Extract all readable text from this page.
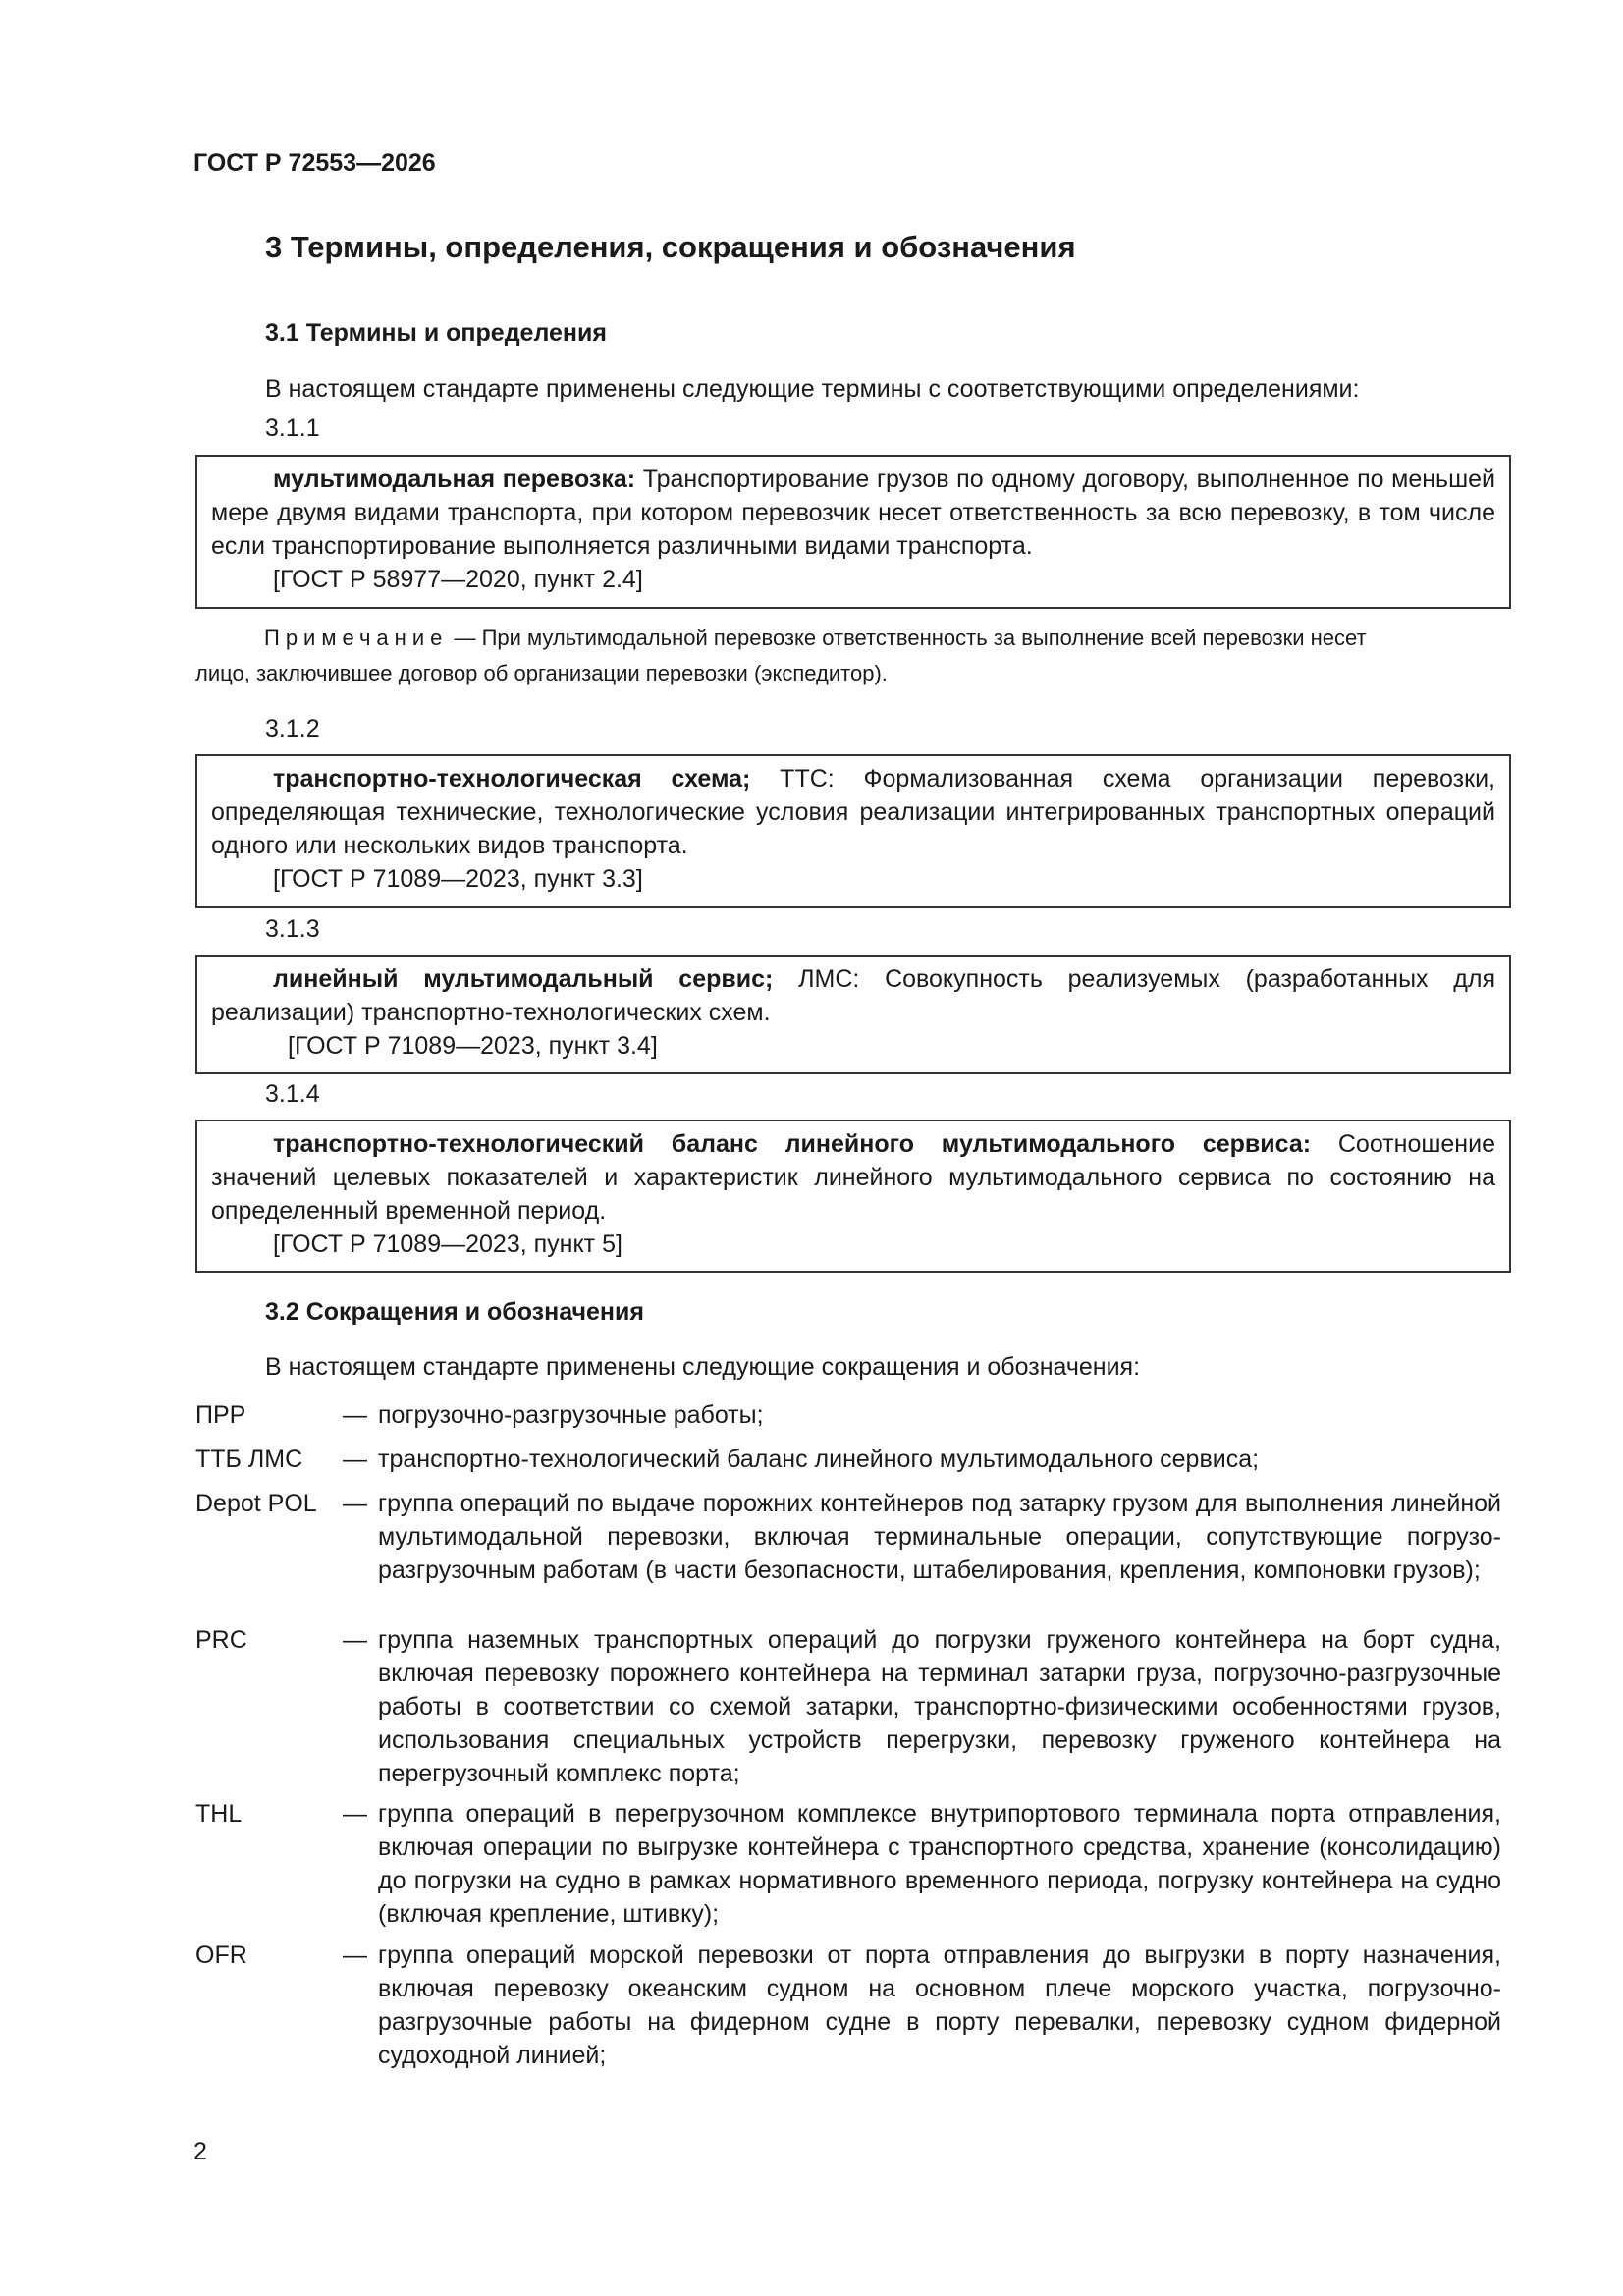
ГОСТ Р 72553—2026
3 Термины, определения, сокращения и обозначения
3.1 Термины и определения
В настоящем стандарте применены следующие термины с соответствующими определениями:
3.1.1

мультимодальная перевозка: Транспортирование грузов по одному договору, выполненное по меньшей мере двумя видами транспорта, при котором перевозчик несет ответственность за всю перевозку, в том числе если транспортирование выполняется различными видами транспорта.

[ГОСТ Р 58977—2020, пункт 2.4]

Примечание — При мультимодальной перевозке ответственность за выполнение всей перевозки несет

лицо, заключившее договор об организации перевозки (экспедитор).

3.1.2

транспортно-технологическая схема; ТТС: Формализованная схема организации перевозки, определяющая технические, технологические условия реализации интегрированных транспортных операций одного или нескольких видов транспорта.

[ГОСТ Р 71089—2023, пункт 3.3]

3.1.3

линейный мультимодальный сервис; ЛМС: Совокупность реализуемых (разработанных для реализации) транспортно-технологических схем.

[ГОСТ Р 71089—2023, пункт 3.4]

3.1.4

транспортно-технологический баланс линейного мультимодального сервиса: Соотношение значений целевых показателей и характеристик линейного мультимодального сервиса по состоянию на определенный временной период.

[ГОСТ Р 71089—2023, пункт 5]

3.2 Сокращения и обозначения
В настоящем стандарте применены следующие сокращения и обозначения:
ПРР	— погрузочно-разгрузочные работы;
ТТБ ЛМС	— транспортно-технологический баланс линейного мультимодального сервиса;
Depot POL	— группа операций по выдаче порожних контейнеров под затарку грузом для выполнения линейной мультимодальной перевозки, включая терминальные операции, сопутствующие погрузо-разгрузочным работам (в части безопасности, штабелирования, крепления, компоновки грузов);
PRC	— группа наземных транспортных операций до погрузки груженого контейнера на борт судна, включая перевозку порожнего контейнера на терминал затарки груза, погрузочно-разгрузочные работы в соответствии со схемой затарки, транспортно-физическими особенностями грузов, использования специальных устройств перегрузки, перевозку груженого контейнера на перегрузочный комплекс порта;
THL	— группа операций в перегрузочном комплексе внутрипортового терминала порта отправления, включая операции по выгрузке контейнера с транспортного средства, хранение (консолидацию) до погрузки на судно в рамках нормативного временного периода, погрузку контейнера на судно (включая крепление, штивку);
OFR	— группа операций морской перевозки от порта отправления до выгрузки в порту назначения, включая перевозку океанским судном на основном плече морского участка, погрузочно-разгрузочные работы на фидерном судне в порту перевалки, перевозку судном фидерной судоходной линией;
2
